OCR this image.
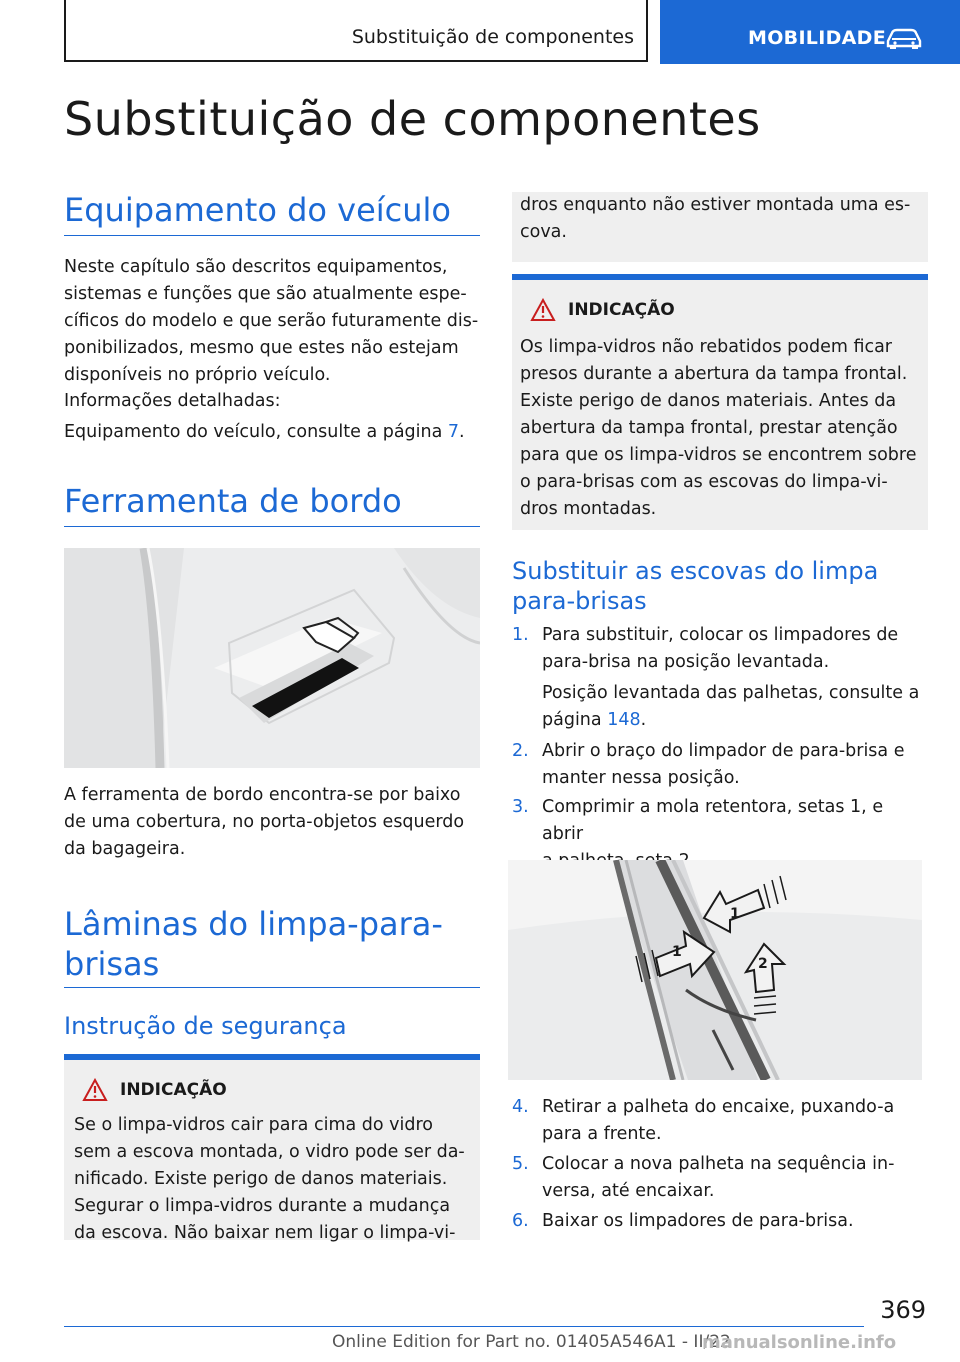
Substituição de componentes	MOBILIDADE
Substituição de componentes
Equipamento do veículo
Neste capítulo são descritos equipamentos,
sistemas e funções que são atualmente espe-
cíficos do modelo e que serão futuramente dis-
ponibilizados, mesmo que estes não estejam
disponíveis no próprio veículo.
Informações detalhadas:
Equipamento do veículo, consulte a página 7.
Ferramenta de bordo
A ferramenta de bordo encontra-se por baixo
de uma cobertura, no porta-objetos esquerdo
da bagageira.
Lâminas do limpa-para-
brisas
Instrução de segurança
INDICAÇÃO
Se o limpa-vidros cair para cima do vidro
sem a escova montada, o vidro pode ser da-
nificado. Existe perigo de danos materiais.
Segurar o limpa-vidros durante a mudança
da escova. Não baixar nem ligar o limpa-vi-
dros enquanto não estiver montada uma es-
cova.
INDICAÇÃO
Os limpa-vidros não rebatidos podem ficar
presos durante a abertura da tampa frontal.
Existe perigo de danos materiais. Antes da
abertura da tampa frontal, prestar atenção
para que os limpa-vidros se encontrem sobre
o para-brisas com as escovas do limpa-vi-
dros montadas.
Substituir as escovas do limpa
para-brisas
1. Para substituir, colocar os limpadores de
para-brisa na posição levantada.
Posição levantada das palhetas, consulte a
página 148.
2. Abrir o braço do limpador de para-brisa e
manter nessa posição.
3. Comprimir a mola retentora, setas 1, e abrir
1
1
2
4. Retirar a palheta do encaixe, puxando-a
para a frente.
5. Colocar a nova palheta na sequência in-
versa, até encaixar.
6. Baixar os limpadores de para-brisa.
369
Online Edition for Part no. 01405A546A1 - II/22
manualsonline.info
